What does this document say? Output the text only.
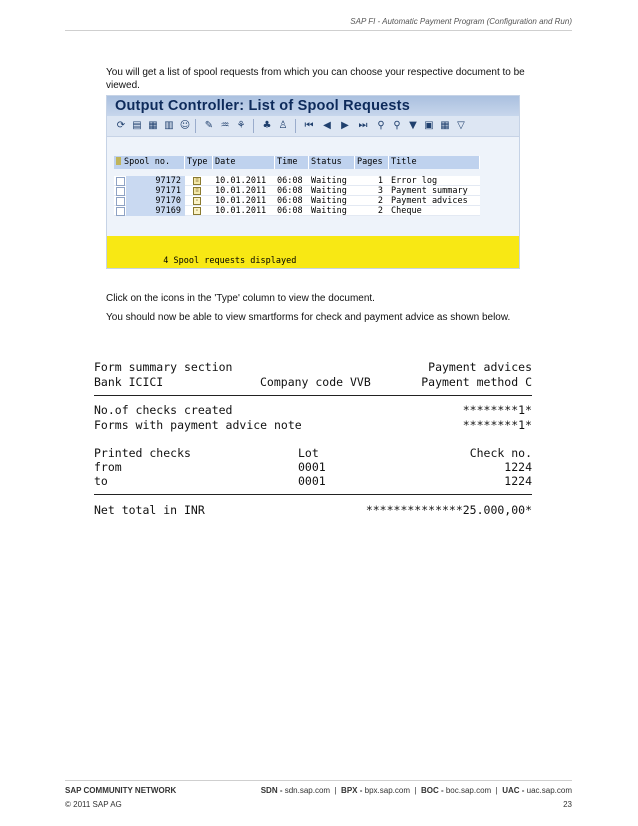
SAP FI - Automatic Payment Program (Configuration and Run)
You will get a list of spool requests from which you can choose your respective document to be
viewed.
Output Controller: List of Spool Requests
⟳ ▤ ▦ ▥ ☺ ✎ ♒ ⚘ ♣ ♙ ⏮ ◀ ▶ ⏭ ⚲ ⚲ ▼ ▣ ▦ ▽
Spool no.	Type Date	Time	Status	Pages Title
97172	≡ 10.01.2011 06:08 Waiting	1 Error log
97171	≡ 10.01.2011 06:08 Waiting	3 Payment summary
97170	▫	10.01.2011 06:08 Waiting	2 Payment advices
97169	▫	10.01.2011 06:08 Waiting	2 Cheque

4 Spool requests displayed

Click on the icons in the 'Type' column to view the document.
You should now be able to view smartforms for check and payment advice as shown below.
Form summary section	Payment advices
Bank ICICI	Company code VVB	Payment method C
No.of checks created	********1*
Forms with payment advice note	********1*
Printed checks	Lot	Check no.
from	0001	1224
to	0001	1224
Net total in INR	**************25.000,00*
SAP COMMUNITY NETWORK	SDN - sdn.sap.com  |  BPX - bpx.sap.com  |  BOC - boc.sap.com  |  UAC - uac.sap.com
© 2011 SAP AG	23
